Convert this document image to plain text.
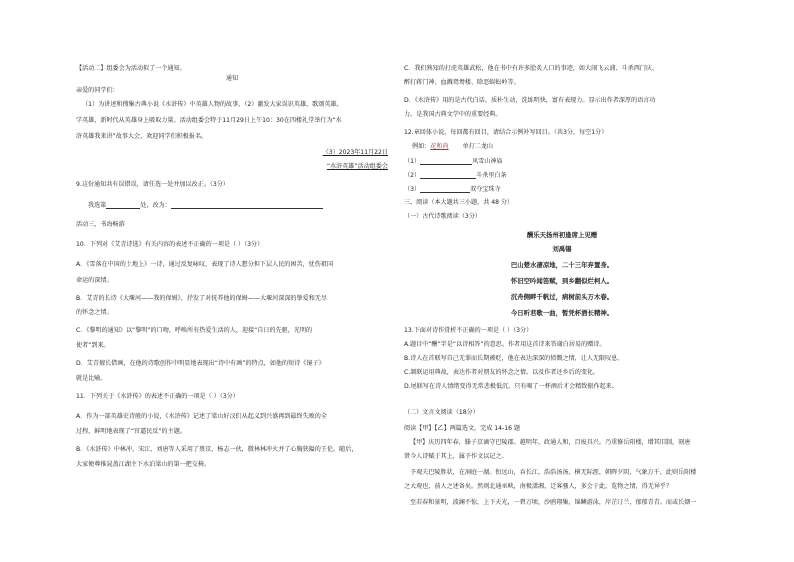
【活动二】组委会为活动拟了一个通知。
通知
亲爱的同学们：
（1）为讲述和搜集古典小说《水浒传》中英雄人物的故事，（2）激发大家误识英雄、歌颂英雄、
学英雄，新时代从英雄身上吸取力量。活动组委会特于11月29日上午10：30在四楼礼堂举行为“水
浒英雄我来讲”故事大会，欢迎同学们积极报名。
（3）2023年11月22日
“水浒英雄”活动组委会
9.这份通知共有误错误，请任选一处并加以改正。（3分）
我选第	处，改为：
活动三，书海畅游
10．下列对《艾青诗选》有关内容的表述不正确的一项是（ ）（3分）
A．《雪落在中国的土地上》一诗，通过反复咏叹，表现了诗人想分担下层人民的困苦，忧伤祖国
命运的深情。
B．艾青的长诗《大堰河——我的保姆》，抒发了对抚养他的保姆——大堰河深深的挚爱和无尽
的怀念之情。
C．《黎明的通知》以“黎明”的口吻，呼唤所有热爱生活的人，迎接“自日的先驱，光明的
使者”到来。
D．艾青擅长借画，在他的诗歌创作中明显地表现出“诗中有画”的特点，如他的短诗《镜子》
就是比喻。
11．下列关于《水浒传》的表述不正确的一项是（ ）（3分）
A．作为一部英雄史诗般的小说，《水浒传》记述了梁山好汉们从起义到兴盛再到最终失败的全
过程，鲜明地表现了“官逼民反”的主题。
B．《水浒传》中林冲、宋江、刘唐等人采用了蔡京、杨志一伙，微林林冲火并了心胸狭隘的王伦。随后，
大家便尊推晁盖江湖主下水泊梁山的第一把交椅。
C．我们熟知的打虎英雄武松，他在书中有许多脍炙人口的事迹，如大闹飞云浦、斗杀西门庆、
醉打蒋门神、血溅鸳鸯楼、除恶蜈蚣岭等。
D．《水浒传》用的是古代白话，质朴生动，洗练明快，富有表现力。显示出作者深厚的语言功
力。是我国古典文学中的重要经典。
12.章回体小说，每回都有回目，请结合示例补写回目。（共3分，每空1分）
例如：花和尚 单打二龙山
（1）	风雪山神庙
（2）	斗杀里白条
（3）	双夺宝珠寺
三、阅读（本大题共三小题，共 48 分）
（一）古代诗歌阅读（3分）
酬乐天扬州初逢席上见赠
刘禹锡
巴山楚水凄凉地，二十三年弃置身。
怀旧空吟闻笛赋，到乡翻似烂柯人。
沉舟侧畔千帆过，病树前头万木春。
今日听君歌一曲，暂凭杯酒长精神。
13.下面对诗作赏析不正确的一项是（ ）（3分）
A.题目中“酬”字是“以诗相答”的意思。作者用这首诗来答谢白居易的赠诗。
B.诗人在首联写自己无罪而长期被贬，他在表达深深的愤慨之情，让人无限叹息。
C.颔联运用典故，表达作者对朋友的怀念之情。以及作者还乡后的变化。
D.尾联写在诗人情绪变得无常悲极低沉，只有喝了一杯酒后才会精致振作起来。
（二）文言文阅读（18分）
阅读【甲】【乙】两篇选文，完成 14-16 题
【甲】庆历四年春，滕子京谪守巴陵郡。越明年，政通人和，百废具兴。乃重修岳阳楼，增其旧制，刻唐
贤今人诗赋于其上，属予作文以记之。
予观夫巴陵胜状，在洞庭一湖。衔远山，吞长江，浩浩汤汤，横无际涯，朝晖夕阴，气象万千，此则岳阳楼
之大观也，前人之述备矣。然则北通巫峡，南极潇湘，迁客骚人，多会于此，览物之情，得无异乎？
至若春和景明，波澜不惊，上下天光，一碧万顷，沙鸥翔集，锦鳞游泳，岸芷汀兰，郁郁青青。而或长烟一
